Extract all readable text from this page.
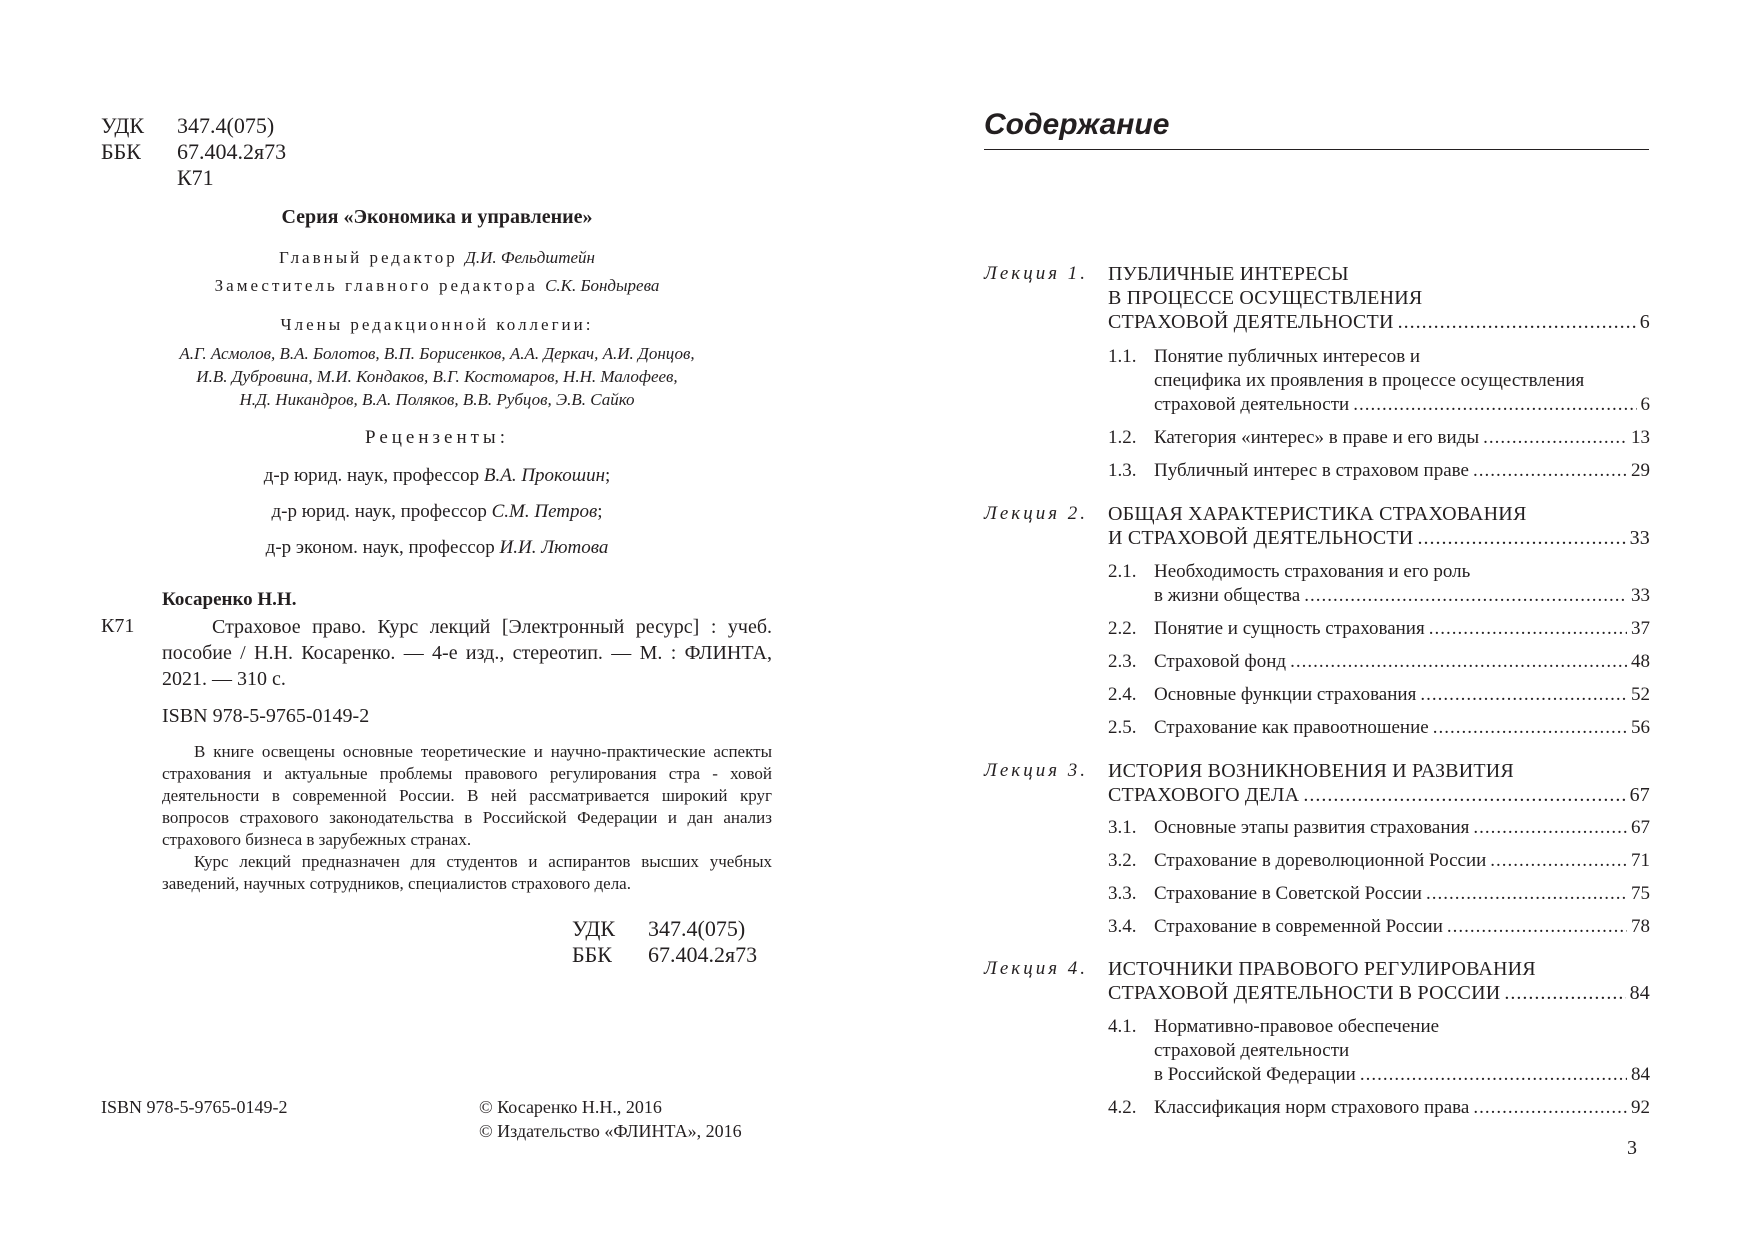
УДК 347.4(075)
ББК 67.404.2я73
К71
Серия «Экономика и управление»
Главный редактор Д.И. Фельдштейн
Заместитель главного редактора С.К. Бондырева
Члены редакционной коллегии:
А.Г. Асмолов, В.А. Болотов, В.П. Борисенков, А.А. Деркач, А.И. Донцов,
И.В. Дубровина, М.И. Кондаков, В.Г. Костомаров, Н.Н. Малофеев,
Н.Д. Никандров, В.А. Поляков, В.В. Рубцов, Э.В. Сайко
Рецензенты:
д-р юрид. наук, профессор В.А. Прокошин;
д-р юрид. наук, профессор С.М. Петров;
д-р эконом. наук, профессор И.И. Лютова
Косаренко Н.Н.
К71	Страховое право. Курс лекций [Электронный ресурс] : учеб. пособие / Н.Н. Косаренко. — 4-е изд., стереотип. — М. : ФЛИНТА, 2021. — 310 с.
ISBN 978-5-9765-0149-2

В книге освещены основные теоретические и научно-практические аспекты страхования и актуальные проблемы правового регулирования стра - ховой деятельности в современной России. В ней рассматривается широкий круг вопросов страхового законодательства в Российской Федерации и дан анализ страхового бизнеса в зарубежных странах.

Курс лекций предназначен для студентов и аспирантов высших учебных заведений, научных сотрудников, специалистов страхового дела.

УДК 347.4(075)
ББК 67.404.2я73
ISBN 978-5-9765-0149-2	© Косаренко Н.Н., 2016
© Издательство «ФЛИНТА», 2016
Содержание
Лекция 1. ПУБЛИЧНЫЕ ИНТЕРЕСЫ
В ПРОЦЕССЕ ОСУЩЕСТВЛЕНИЯ
СТРАХОВОЙ ДЕЯТЕЛЬНОСТИ .....	6
1.1. Понятие публичных интересов и
специфика их проявления в процессе осуществления
страховой деятельности .....	6
1.2. Категория «интерес» в праве и его виды .....	13
1.3. Публичный интерес в страховом праве .....	29
Лекция 2. ОБЩАЯ ХАРАКТЕРИСТИКА СТРАХОВАНИЯ
И СТРАХОВОЙ ДЕЯТЕЛЬНОСТИ .....	33
2.1. Необходимость страхования и его роль
в жизни общества .....	33
2.2. Понятие и сущность страхования .....	37
2.3. Страховой фонд .....	48
2.4. Основные функции страхования .....	52
2.5. Страхование как правоотношение .....	56
Лекция 3. ИСТОРИЯ ВОЗНИКНОВЕНИЯ И РАЗВИТИЯ
СТРАХОВОГО ДЕЛА .....	67
3.1. Основные этапы развития страхования .....	67
3.2. Страхование в дореволюционной России .....	71
3.3. Страхование в Советской России .....	75
3.4. Страхование в современной России .....	78
Лекция 4. ИСТОЧНИКИ ПРАВОВОГО РЕГУЛИРОВАНИЯ
СТРАХОВОЙ ДЕЯТЕЛЬНОСТИ В РОССИИ .....	84
4.1. Нормативно-правовое обеспечение
страховой деятельности
в Российской Федерации .....	84
4.2. Классификация норм страхового права .....	92
3
